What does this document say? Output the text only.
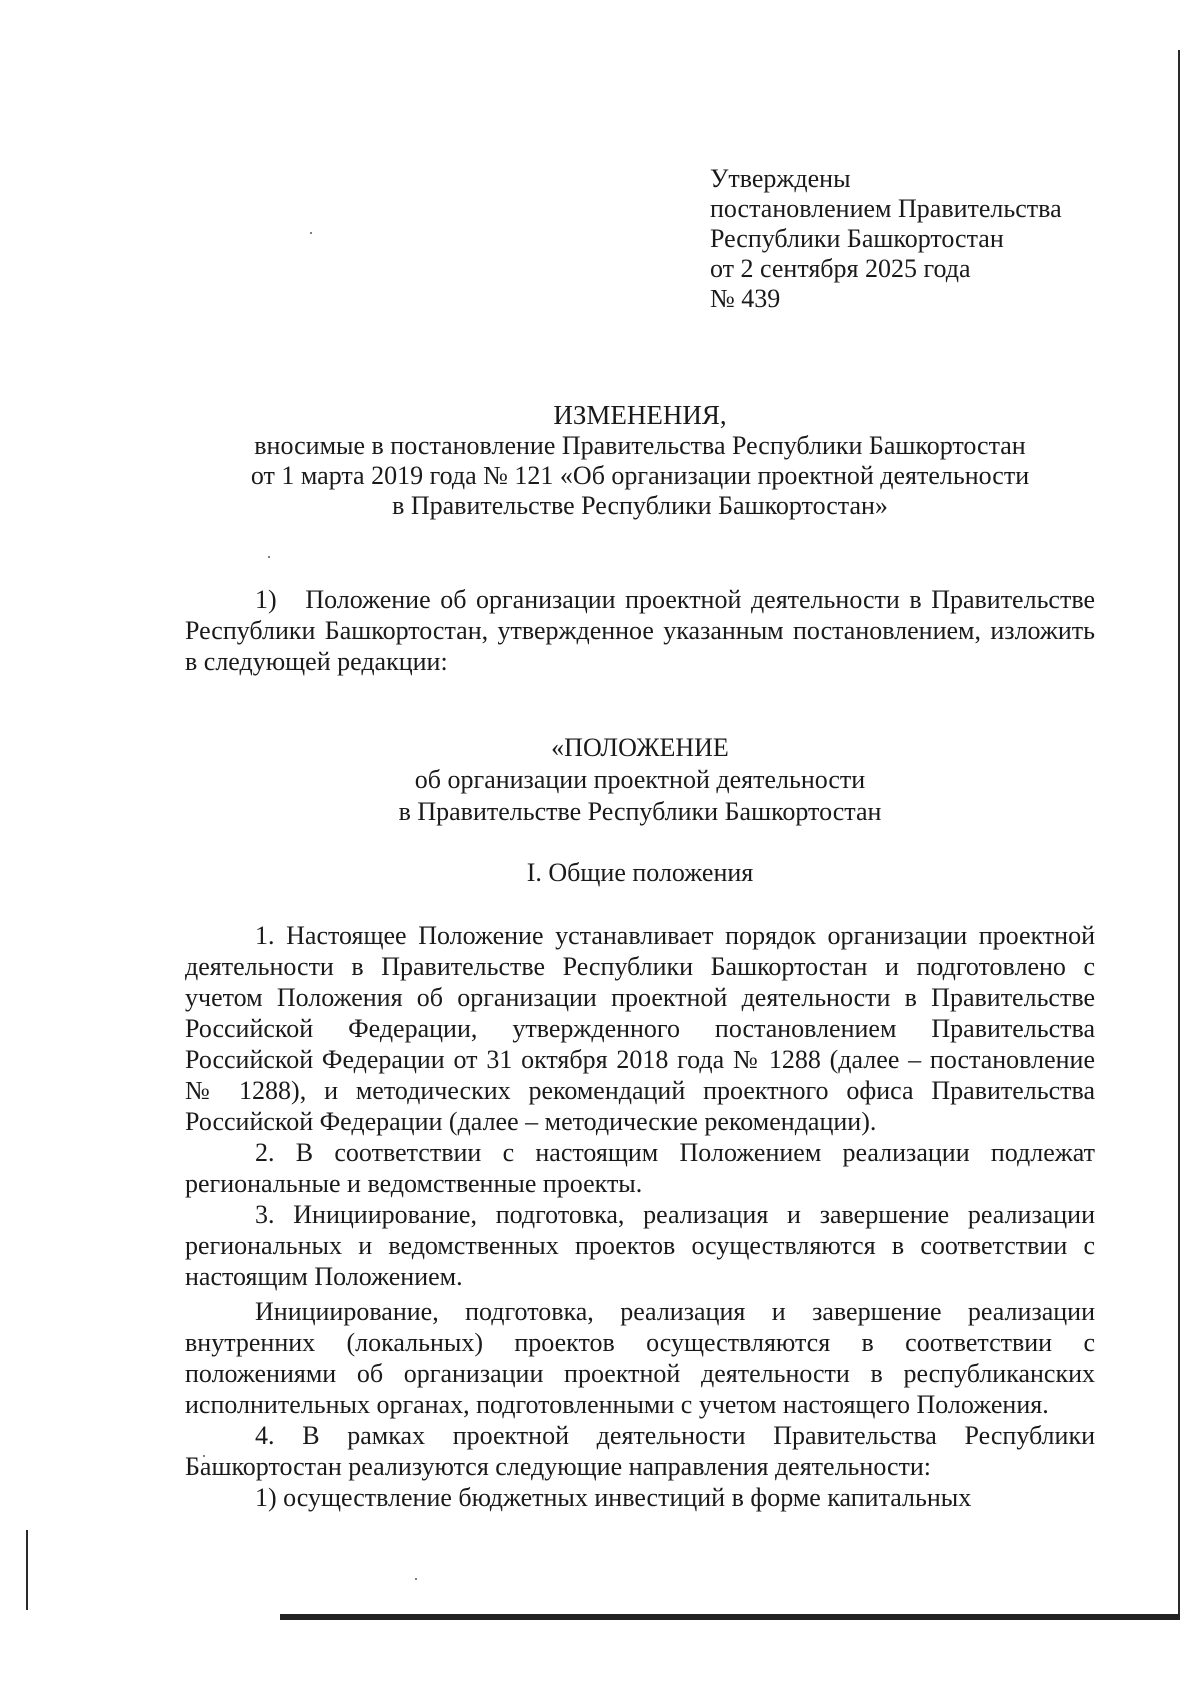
Утверждены
постановлением Правительства
Республики Башкортостан
от 2 сентября 2025 года
№ 439
ИЗМЕНЕНИЯ,
вносимые в постановление Правительства Республики Башкортостан
от 1 марта 2019 года № 121 «Об организации проектной деятельности
в Правительстве Республики Башкортостан»

1)   Положение об организации проектной деятельности в Правительстве Республики Башкортостан, утвержденное указанным постановлением, изложить в следующей редакции:

«ПОЛОЖЕНИЕ
об организации проектной деятельности
в Правительстве Республики Башкортостан
I. Общие положения

1. Настоящее Положение устанавливает порядок организации проектной деятельности в Правительстве Республики Башкортостан и подготовлено с учетом Положения об организации проектной деятельности в Правительстве Российской Федерации, утвержденного постановлением Правительства Российской Федерации от 31 октября 2018 года № 1288 (далее – постановление № 1288), и методических рекомендаций проектного офиса Правительства Российской Федерации (далее – методические рекомендации).

2. В соответствии с настоящим Положением реализации подлежат региональные и ведомственные проекты.

3. Инициирование, подготовка, реализация и завершение реализации региональных и ведомственных проектов осуществляются в соответствии с настоящим Положением.

Инициирование, подготовка, реализация и завершение реализации внутренних (локальных) проектов осуществляются в соответствии с положениями об организации проектной деятельности в республиканских исполнительных органах, подготовленными с учетом настоящего Положения.

4. В рамках проектной деятельности Правительства Республики Башкортостан реализуются следующие направления деятельности:

1) осуществление бюджетных инвестиций в форме капитальных
